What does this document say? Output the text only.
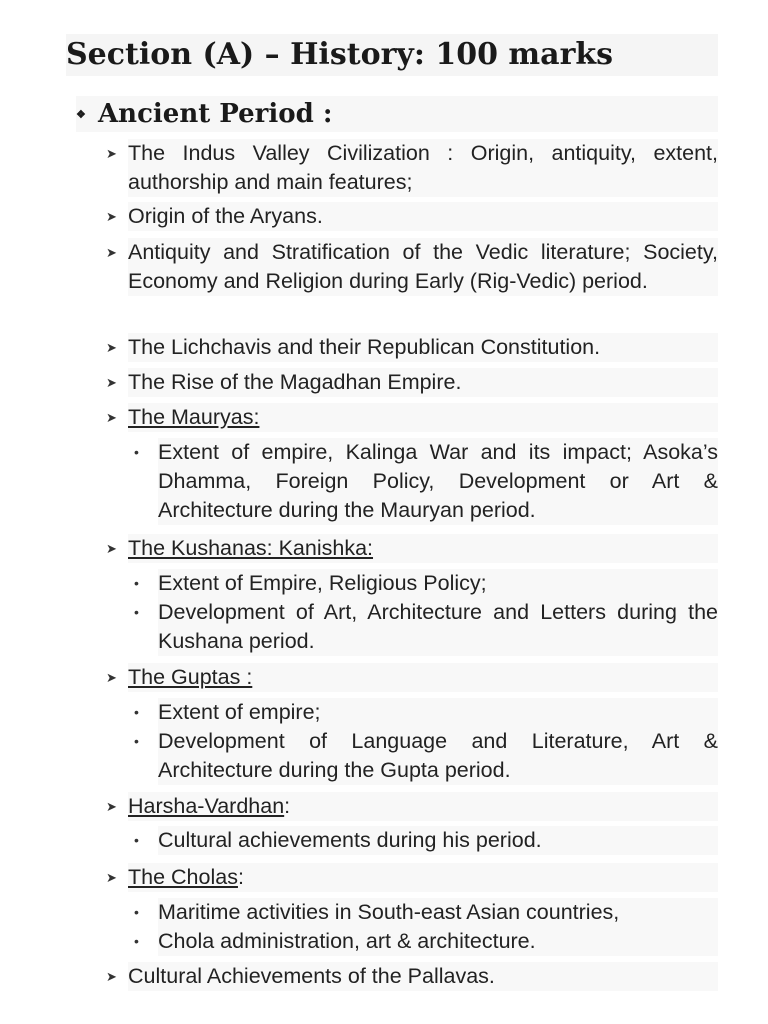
Section (A) – History: 100 marks
❖ Ancient Period :
➤ The Indus Valley Civilization : Origin, antiquity, extent, authorship and main features;
➤ Origin of the Aryans.
➤ Antiquity and Stratification of the Vedic literature; Society, Economy and Religion during Early (Rig-Vedic) period.
➤ The Lichchavis and their Republican Constitution.
➤ The Rise of the Magadhan Empire.
➤ The Mauryas:
• Extent of empire, Kalinga War and its impact; Asoka’s Dhamma, Foreign Policy, Development or Art & Architecture during the Mauryan period.
➤ The Kushanas: Kanishka:
• Extent of Empire, Religious Policy;
• Development of Art, Architecture and Letters during the Kushana period.
➤ The Guptas :
• Extent of empire;
• Development of Language and Literature, Art & Architecture during the Gupta period.
➤ Harsha-Vardhan:
• Cultural achievements during his period.
➤ The Cholas:
• Maritime activities in South-east Asian countries,
• Chola administration, art & architecture.
➤ Cultural Achievements of the Pallavas.
